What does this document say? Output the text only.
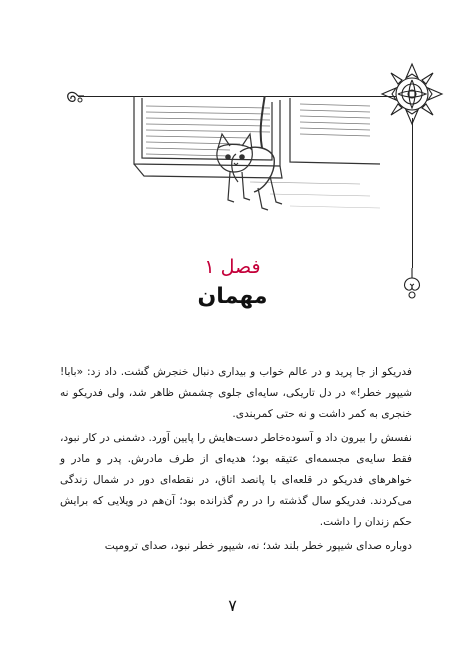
فصل ۱
مهمان

فدریکو از جا پرید و در عالم خواب و بیداری دنبال خنجرش گشت. داد زد: «بابا! شیپور خطر!» در دل تاریکی، سایه‌ای جلوی چشمش ظاهر شد، ولی فدریکو نه خنجری به کمر داشت و نه حتی کمربندی.

نفسش را بیرون داد و آسوده‌خاطر دست‌هایش را پایین آورد. دشمنی در کار نبود، فقط سایه‌ی مجسمه‌ای عتیقه بود؛ هدیه‌ای از طرف مادرش. پدر و مادر و خواهرهای فدریکو در قلعه‌ای با پانصد اتاق، در نقطه‌ای دور در شمال زندگی می‌کردند. فدریکو سال گذشته را در رم گذرانده بود؛ آن‌هم در ویلایی که برایش حکم زندان را داشت.

دوباره صدای شیپور خطر بلند شد؛ نه، شیپور خطر نبود، صدای ترومپت

۷
